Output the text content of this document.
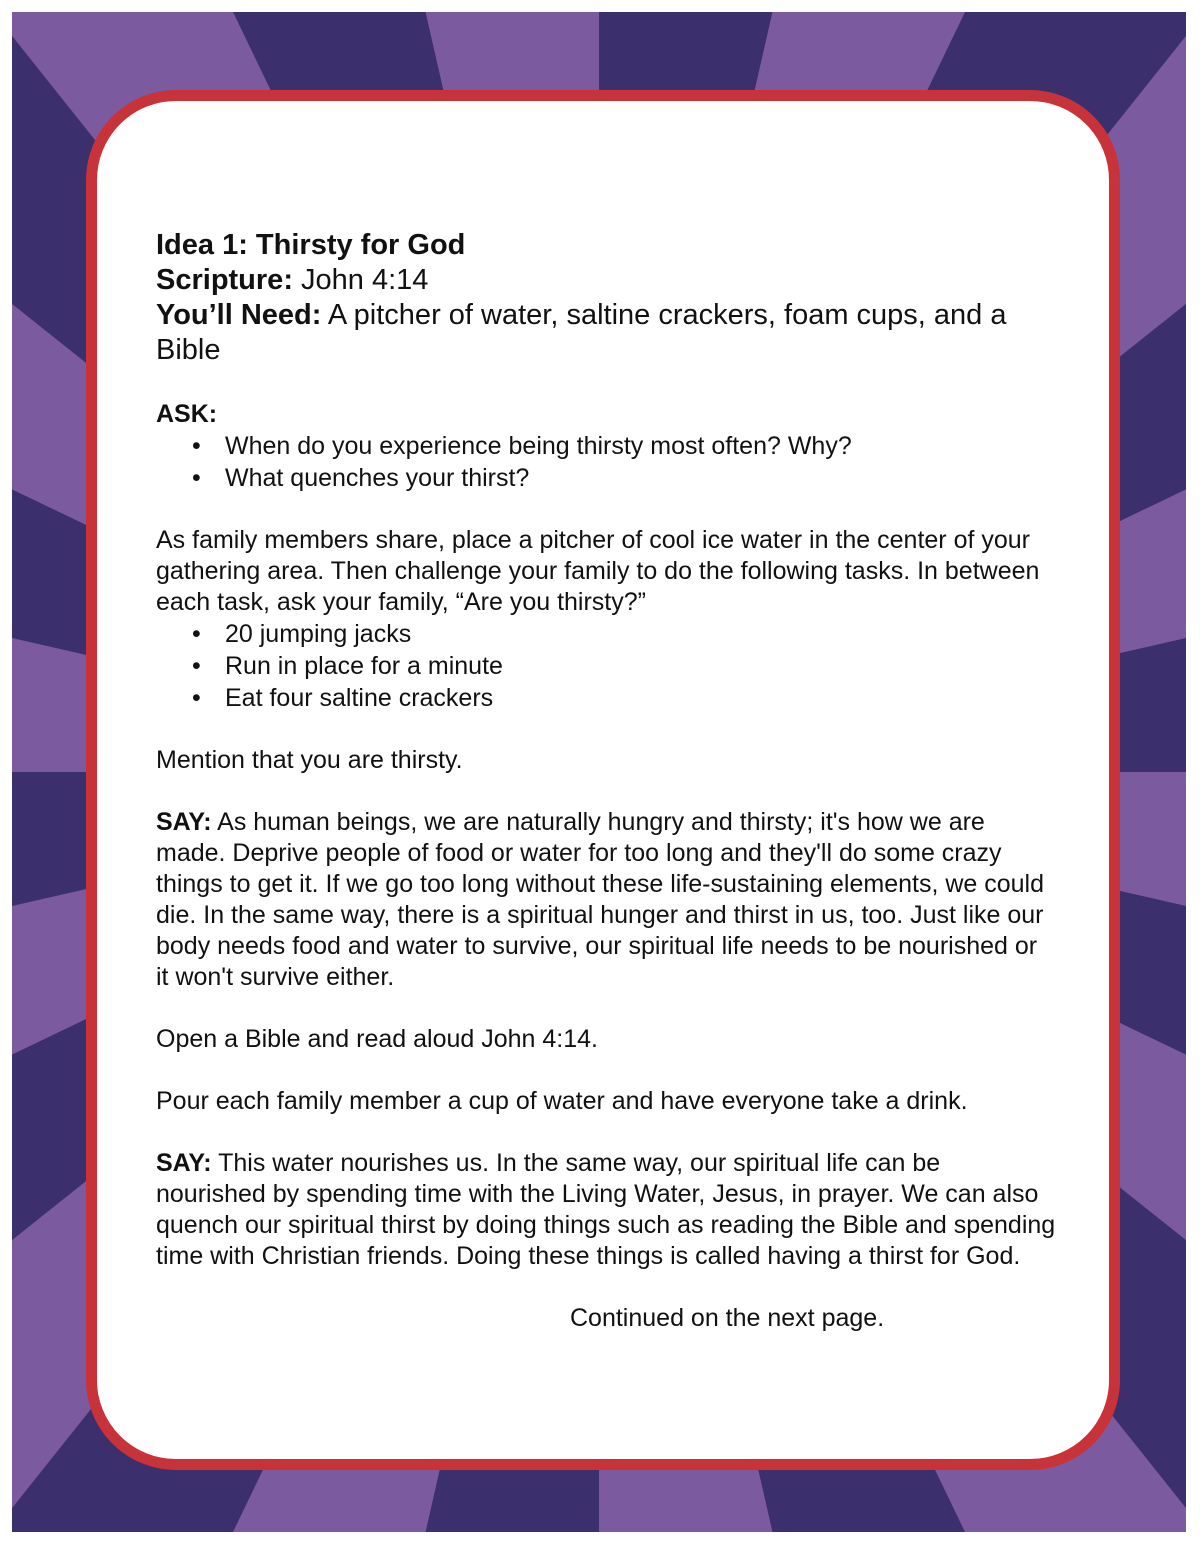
Idea 1: Thirsty for God
Scripture: John 4:14
You’ll Need: A pitcher of water, saltine crackers, foam cups, and a Bible

ASK:

• When do you experience being thirsty most often? Why?
• What quenches your thirst?

As family members share, place a pitcher of cool ice water in the center of your gathering area. Then challenge your family to do the following tasks. In between each task, ask your family, “Are you thirsty?”

• 20 jumping jacks
• Run in place for a minute
• Eat four saltine crackers

Mention that you are thirsty.

SAY: As human beings, we are naturally hungry and thirsty; it's how we are made. Deprive people of food or water for too long and they'll do some crazy things to get it. If we go too long without these life-sustaining elements, we could die. In the same way, there is a spiritual hunger and thirst in us, too. Just like our body needs food and water to survive, our spiritual life needs to be nourished or it won't survive either.

Open a Bible and read aloud John 4:14.

Pour each family member a cup of water and have everyone take a drink.

SAY: This water nourishes us. In the same way, our spiritual life can be nourished by spending time with the Living Water, Jesus, in prayer. We can also quench our spiritual thirst by doing things such as reading the Bible and spending time with Christian friends. Doing these things is called having a thirst for God.

Continued on the next page.
